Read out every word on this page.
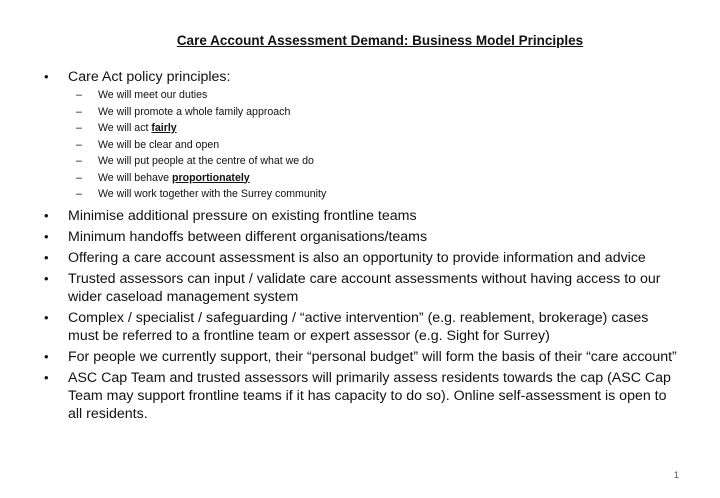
Care Account Assessment Demand: Business Model Principles
• Care Act policy principles:
– We will meet our duties
– We will promote a whole family approach
– We will act fairly
– We will be clear and open
– We will put people at the centre of what we do
– We will behave proportionately
– We will work together with the Surrey community
• Minimise additional pressure on existing frontline teams
• Minimum handoffs between different organisations/teams
• Offering a care account assessment is also an opportunity to provide information and advice
• Trusted assessors can input / validate care account assessments without having access to our wider caseload management system
• Complex / specialist / safeguarding / “active intervention” (e.g. reablement, brokerage) cases must be referred to a frontline team or expert assessor (e.g. Sight for Surrey)
• For people we currently support, their “personal budget” will form the basis of their “care account”
• ASC Cap Team and trusted assessors will primarily assess residents towards the cap (ASC Cap Team may support frontline teams if it has capacity to do so). Online self-assessment is open to all residents.
1
